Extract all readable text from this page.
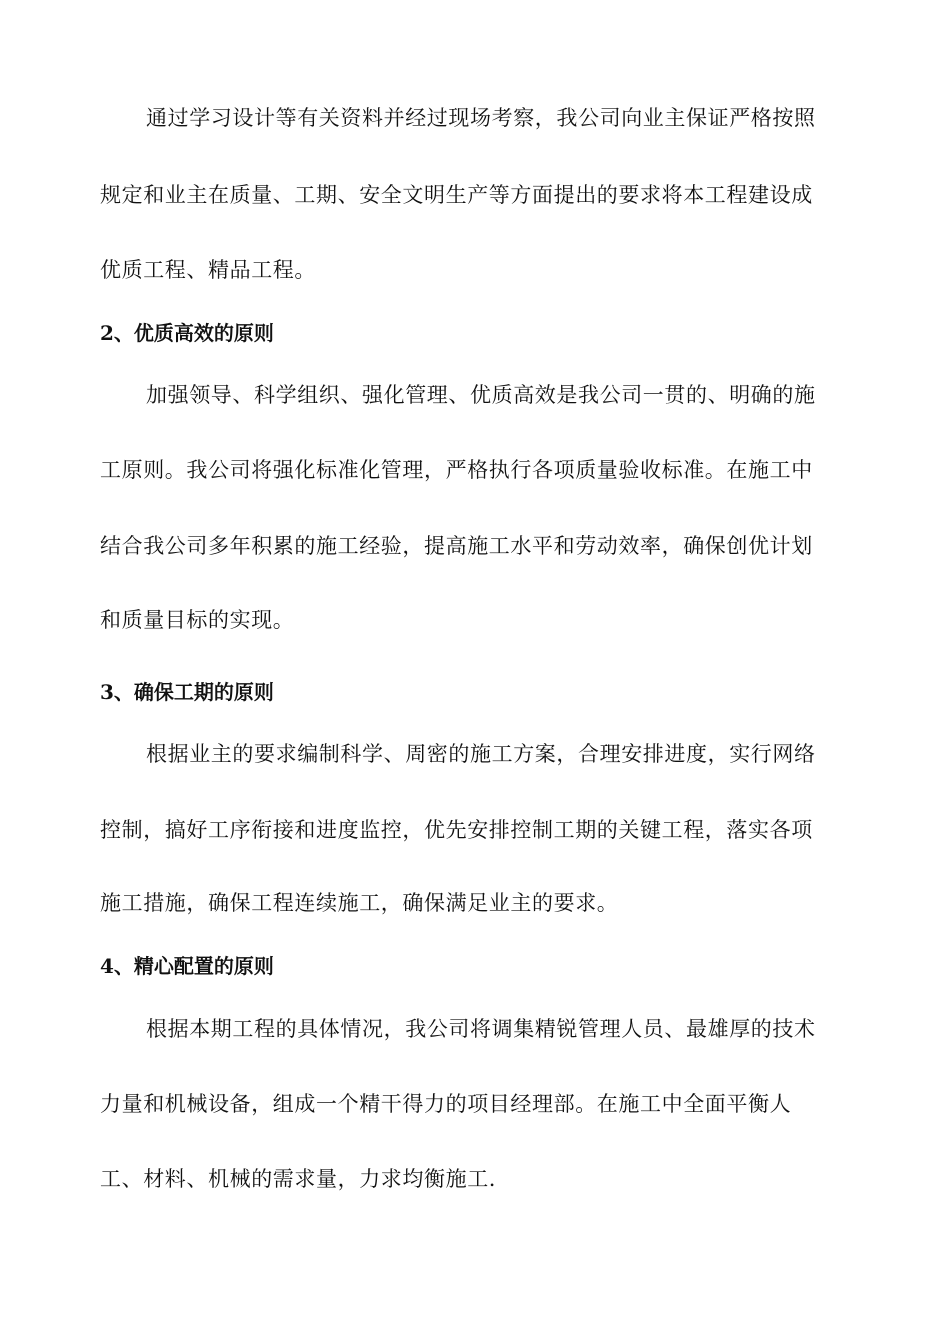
通过学习设计等有关资料并经过现场考察，我公司向业主保证严格按照
规定和业主在质量、工期、安全文明生产等方面提出的要求将本工程建设成
优质工程、精品工程。
2、优质高效的原则
加强领导、科学组织、强化管理、优质高效是我公司一贯的、明确的施
工原则。我公司将强化标准化管理，严格执行各项质量验收标准。在施工中
结合我公司多年积累的施工经验，提高施工水平和劳动效率，确保创优计划
和质量目标的实现。
3、确保工期的原则
根据业主的要求编制科学、周密的施工方案，合理安排进度，实行网络
控制，搞好工序衔接和进度监控，优先安排控制工期的关键工程，落实各项
施工措施，确保工程连续施工，确保满足业主的要求。
4、精心配置的原则
根据本期工程的具体情况，我公司将调集精锐管理人员、最雄厚的技术
力量和机械设备，组成一个精干得力的项目经理部。在施工中全面平衡人
工、材料、机械的需求量，力求均衡施工.
